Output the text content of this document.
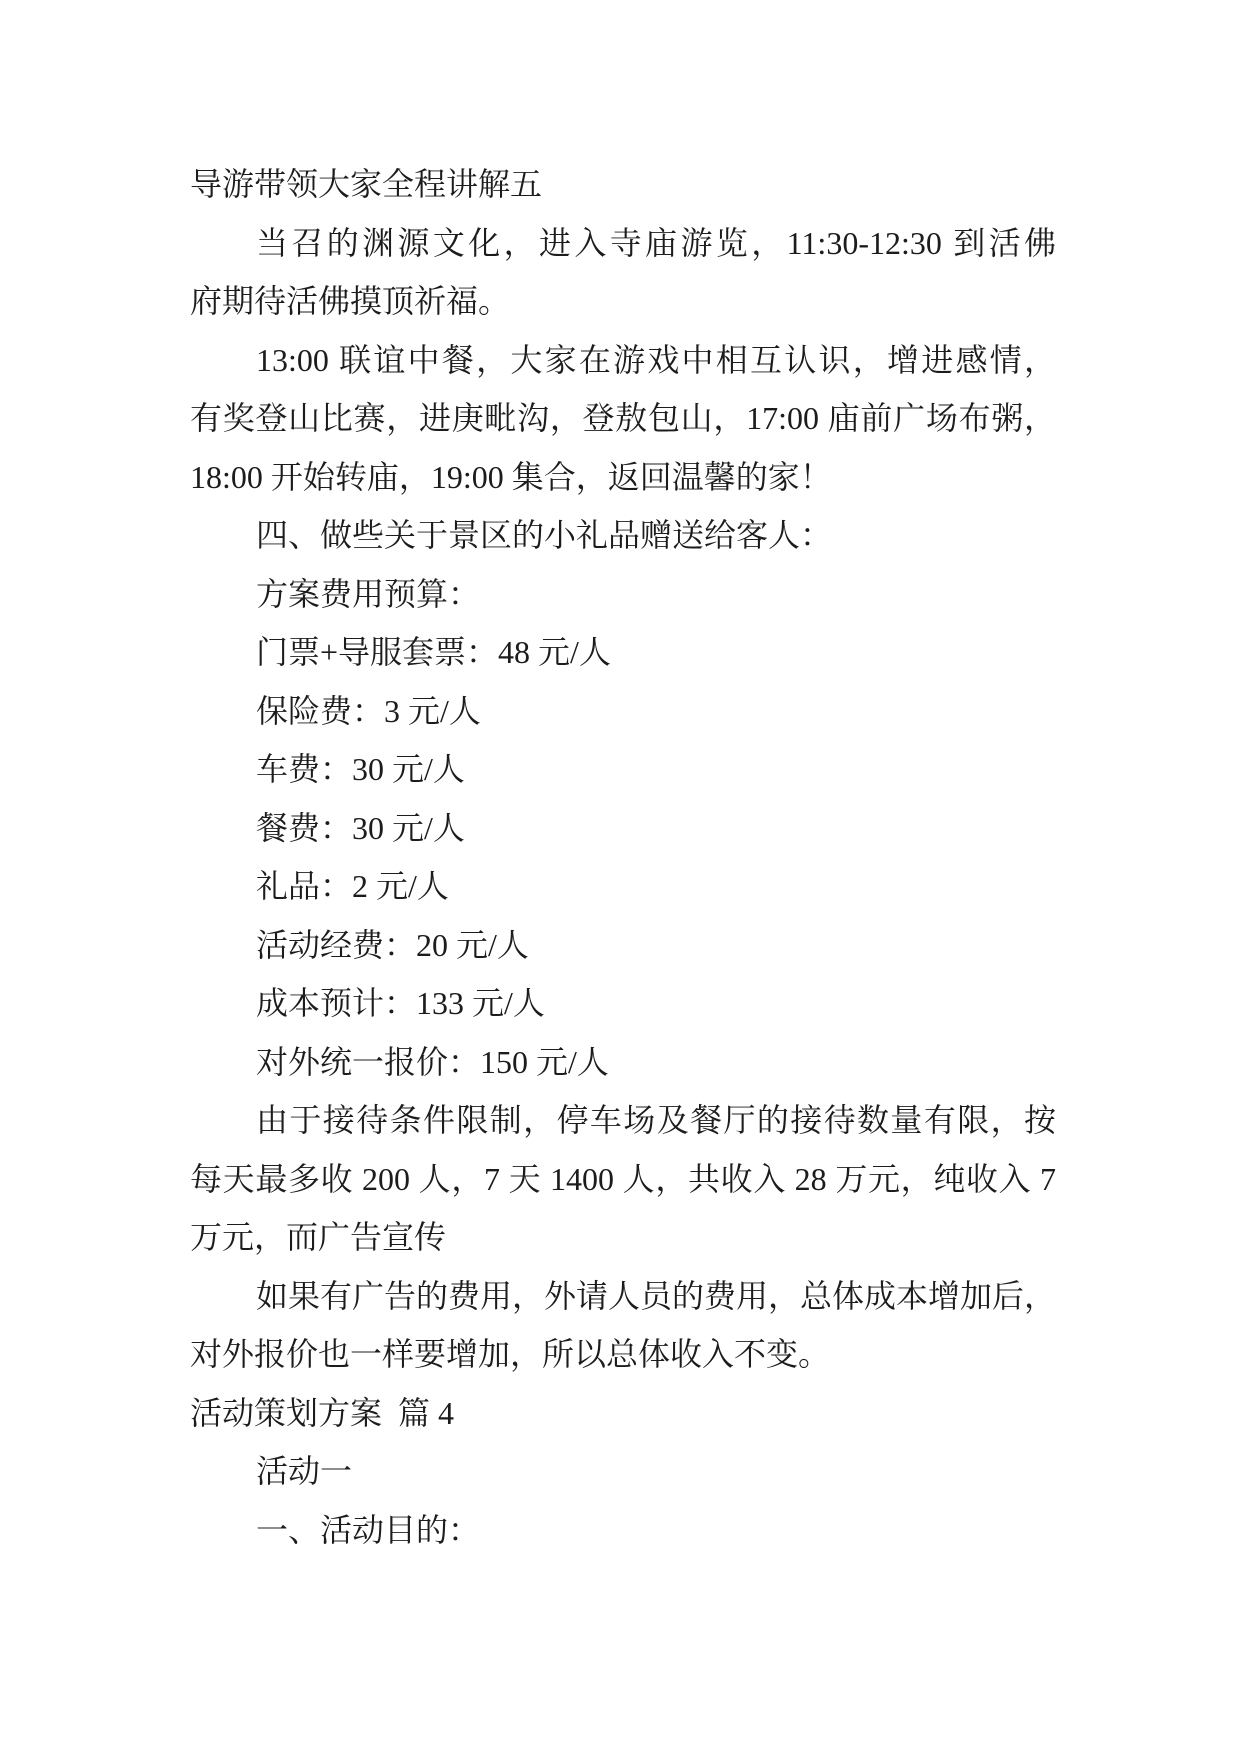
导游带领大家全程讲解五
当召的渊源文化，进入寺庙游览，11:30-12:30 到活佛
府期待活佛摸顶祈福。
13:00 联谊中餐，大家在游戏中相互认识，增进感情，
有奖登山比赛，进庚毗沟，登敖包山，17:00 庙前广场布粥，
18:00 开始转庙，19:00 集合，返回温馨的家！
四、做些关于景区的小礼品赠送给客人：
方案费用预算：
门票+导服套票：48 元/人
保险费：3 元/人
车费：30 元/人
餐费：30 元/人
礼品：2 元/人
活动经费：20 元/人
成本预计：133 元/人
对外统一报价：150 元/人
由于接待条件限制，停车场及餐厅的接待数量有限，按
每天最多收 200 人，7 天 1400 人，共收入 28 万元，纯收入 7
万元，而广告宣传
如果有广告的费用，外请人员的费用，总体成本增加后，
对外报价也一样要增加，所以总体收入不变。
活动策划方案  篇 4
活动一
一、活动目的：
